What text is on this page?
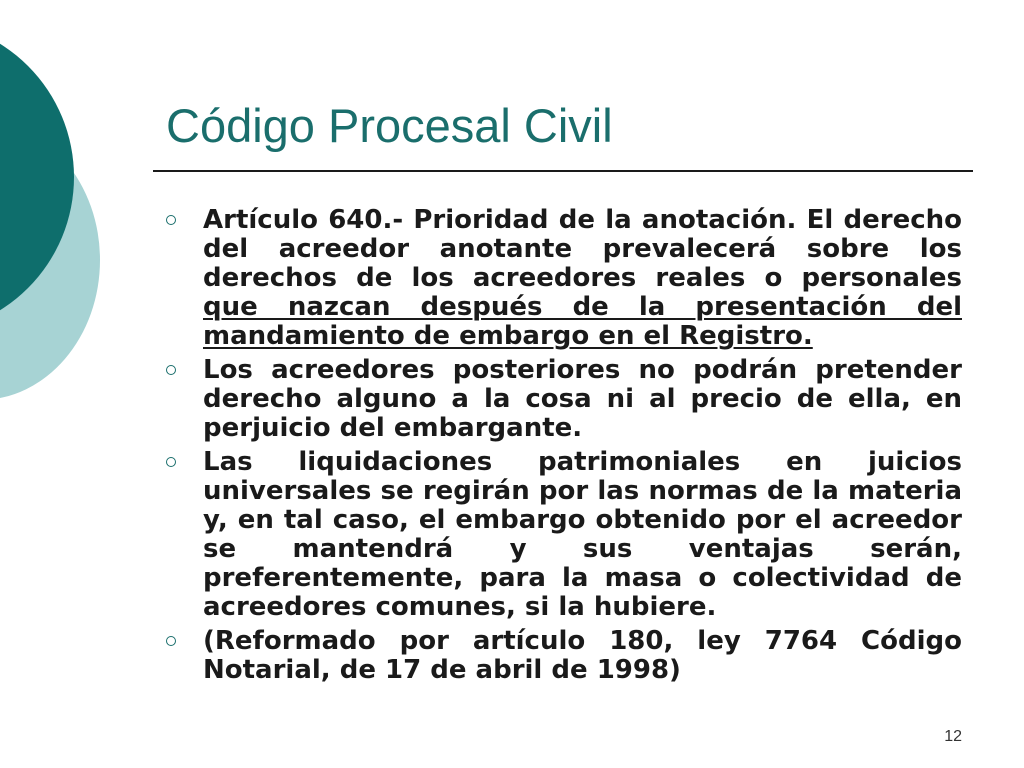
Código Procesal Civil
Artículo 640.- Prioridad de la anotación. El derecho del acreedor anotante prevalecerá sobre los derechos de los acreedores reales o personales que nazcan después de la presentación del mandamiento de embargo en el Registro.
Los acreedores posteriores no podrán pretender derecho alguno a la cosa ni al precio de ella, en perjuicio del embargante.
Las liquidaciones patrimoniales en juicios universales se regirán por las normas de la materia y, en tal caso, el embargo obtenido por el acreedor se mantendrá y sus ventajas serán, preferentemente, para la masa o colectividad de acreedores comunes, si la hubiere.
(Reformado por artículo 180, ley 7764 Código Notarial, de 17 de abril de 1998)
12
